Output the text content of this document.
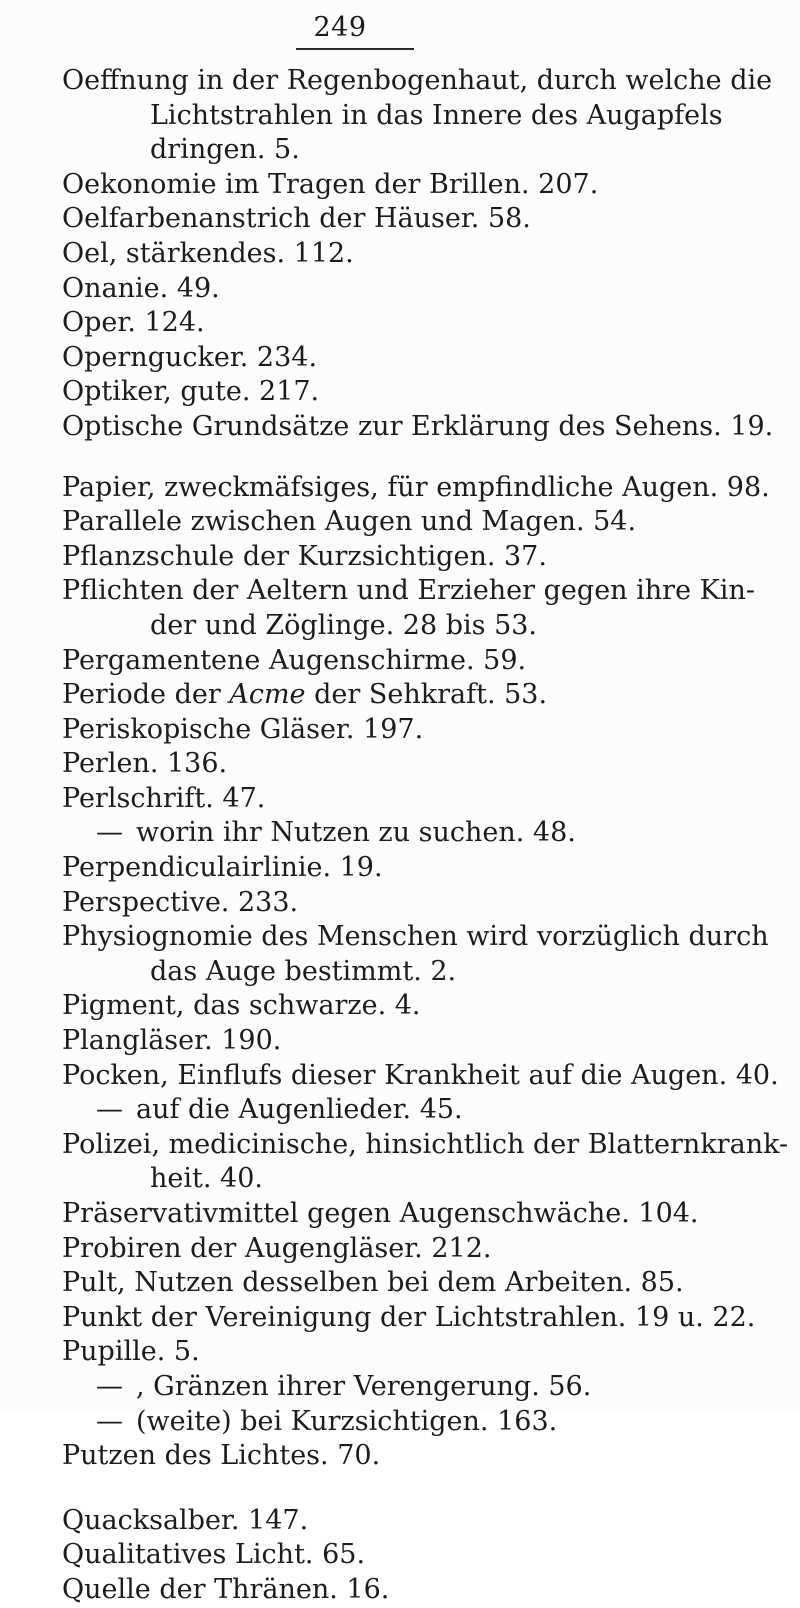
249
Oeffnung in der Regenbogenhaut, durch welche die
Lichtstrahlen in das Innere des Augapfels
dringen. 5.
Oekonomie im Tragen der Brillen. 207.
Oelfarbenanstrich der Häuser. 58.
Oel, stärkendes. 112.
Onanie. 49.
Oper. 124.
Operngucker. 234.
Optiker, gute. 217.
Optische Grundsätze zur Erklärung des Sehens. 19.
Papier, zweckmäfsiges, für empfindliche Augen. 98.
Parallele zwischen Augen und Magen. 54.
Pflanzschule der Kurzsichtigen. 37.
Pflichten der Aeltern und Erzieher gegen ihre Kin-
der und Zöglinge. 28 bis 53.
Pergamentene Augenschirme. 59.
Periode der Acme der Sehkraft. 53.
Periskopische Gläser. 197.
Perlen. 136.
Perlschrift. 47.
— worin ihr Nutzen zu suchen. 48.
Perpendiculairlinie. 19.
Perspective. 233.
Physiognomie des Menschen wird vorzüglich durch
das Auge bestimmt. 2.
Pigment, das schwarze. 4.
Plangläser. 190.
Pocken, Einflufs dieser Krankheit auf die Augen. 40.
— auf die Augenlieder. 45.
Polizei, medicinische, hinsichtlich der Blatternkrank-
heit. 40.
Präservativmittel gegen Augenschwäche. 104.
Probiren der Augengläser. 212.
Pult, Nutzen desselben bei dem Arbeiten. 85.
Punkt der Vereinigung der Lichtstrahlen. 19 u. 22.
Pupille. 5.
— , Gränzen ihrer Verengerung. 56.
— (weite) bei Kurzsichtigen. 163.
Putzen des Lichtes. 70.
Quacksalber. 147.
Qualitatives Licht. 65.
Quelle der Thränen. 16.
